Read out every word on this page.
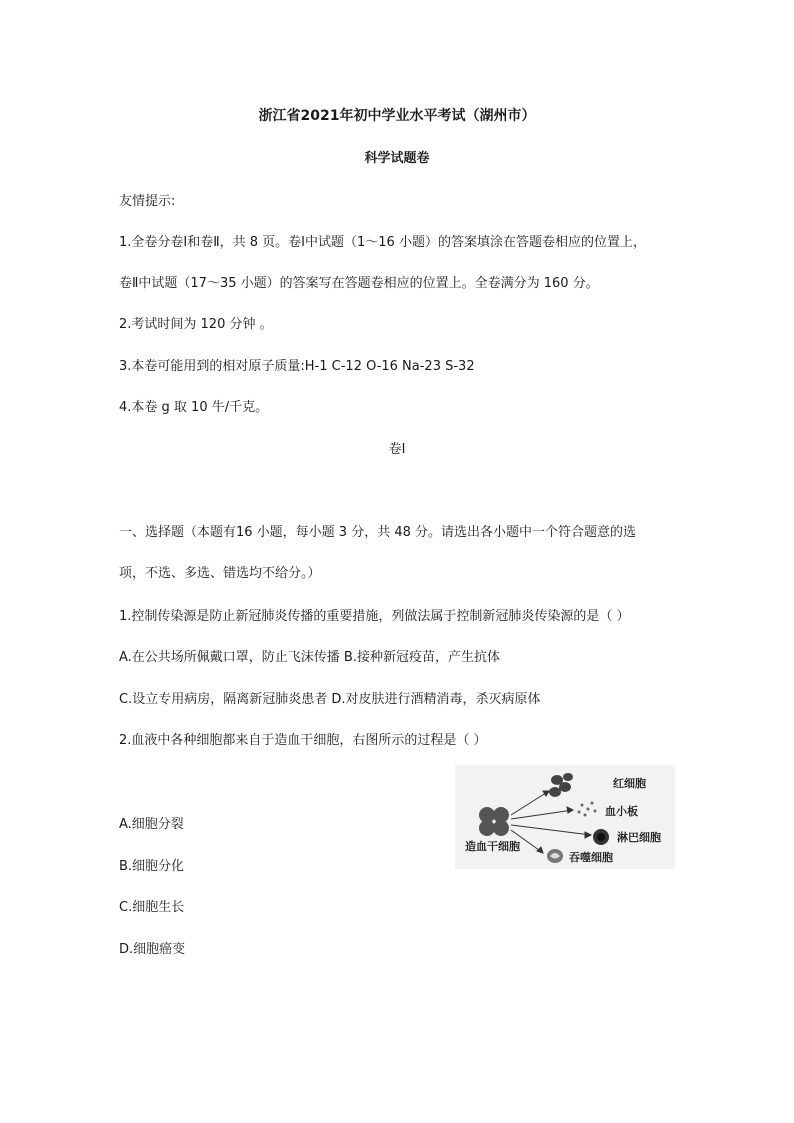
浙江省2021年初中学业水平考试（湖州市）
科学试题卷
友情提示:
1.全卷分卷Ⅰ和卷Ⅱ，共 8 页。卷Ⅰ中试题（1～16 小题）的答案填涂在答题卷相应的位置上，
卷Ⅱ中试题（17～35 小题）的答案写在答题卷相应的位置上。全卷满分为 160 分。
2.考试时间为 120 分钟 。
3.本卷可能用到的相对原子质量:H-1 C-12 O-16 Na-23 S-32
4.本卷 g 取 10 牛/千克。
卷Ⅰ
一、选择题（本题有16 小题，每小题 3 分，共 48 分。请选出各小题中一个符合题意的选
项，不选、多选、错选均不给分。）
1.控制传染源是防止新冠肺炎传播的重要措施，列做法属于控制新冠肺炎传染源的是（ ）
A.在公共场所佩戴口罩，防止飞沫传播 B.接种新冠疫苗，产生抗体
C.设立专用病房，隔离新冠肺炎患者 D.对皮肤进行酒精消毒，杀灭病原体
2.血液中各种细胞都来自于造血干细胞，右图所示的过程是（ ）
A.细胞分裂
B.细胞分化
C.细胞生长
D.细胞癌变
红细胞
血小板
淋巴细胞
吞噬细胞
造血干细胞
